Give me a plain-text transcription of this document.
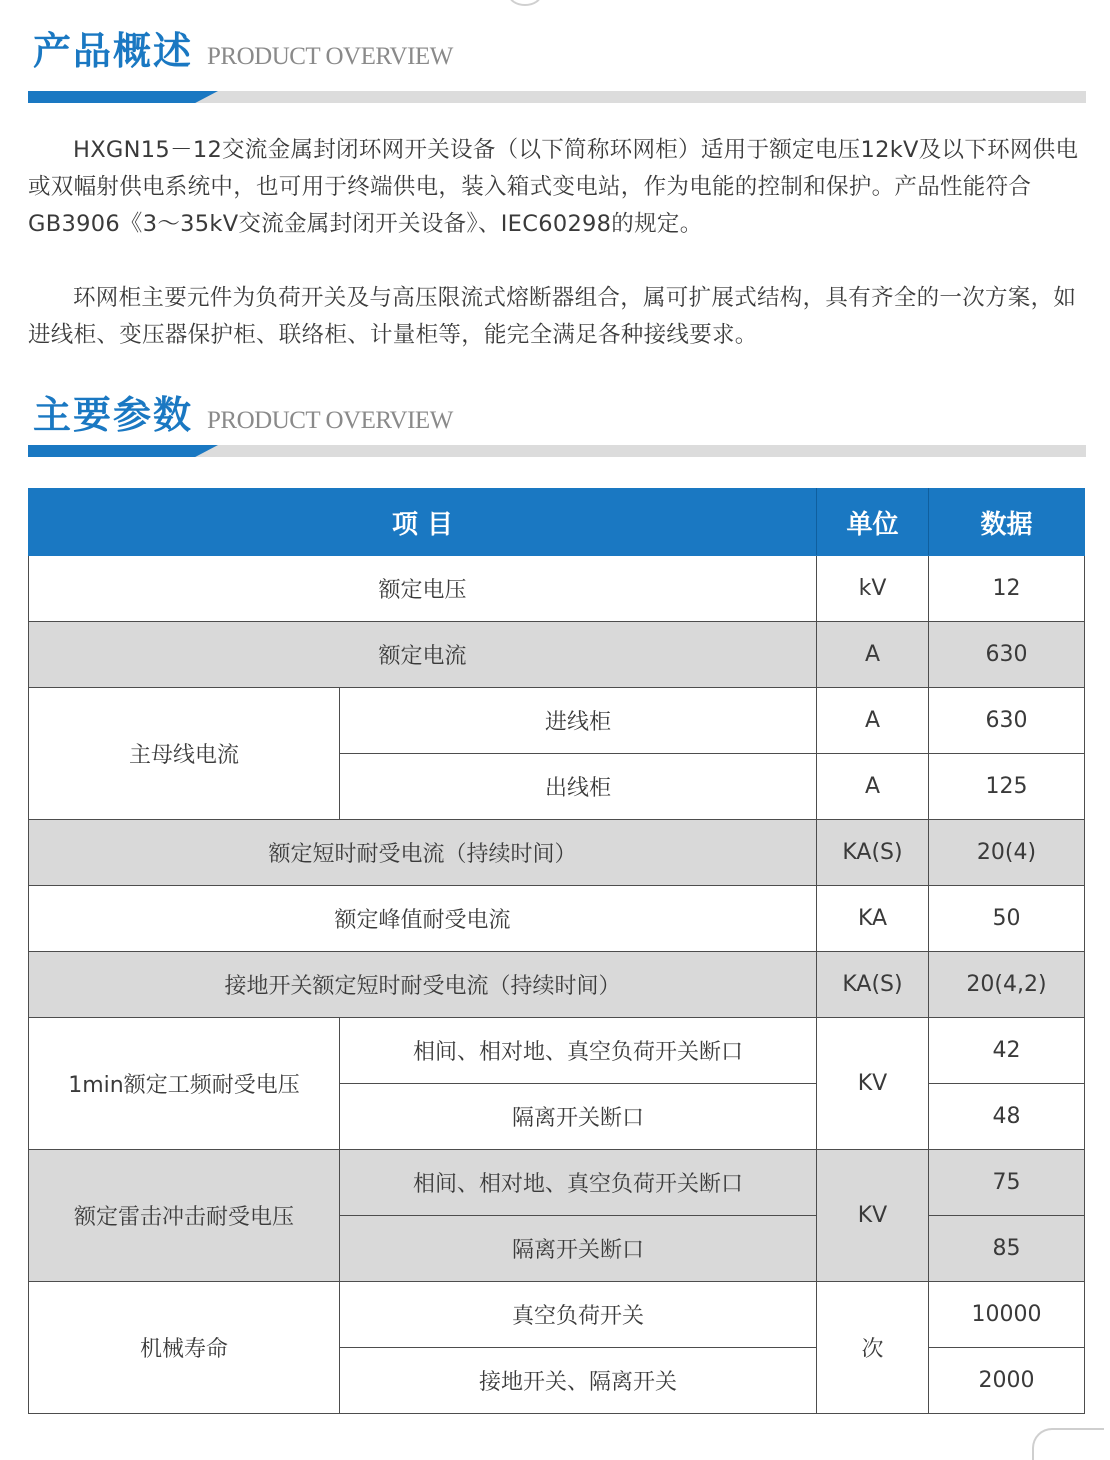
产品概述 PRODUCT OVERVIEW

HXGN15－12交流金属封闭环网开关设备（以下简称环网柜）适用于额定电压12kV及以下环网供电或双幅射供电系统中，也可用于终端供电，装入箱式变电站，作为电能的控制和保护。产品性能符合GB3906《3～35kV交流金属封闭开关设备》、IEC60298的规定。

环网柜主要元件为负荷开关及与高压限流式熔断器组合，属可扩展式结构，具有齐全的一次方案，如进线柜、变压器保护柜、联络柜、计量柜等，能完全满足各种接线要求。

主要参数 PRODUCT OVERVIEW
项 目		单位	数据
额定电压		kV	12
额定电流		A	630
主母线电流	进线柜	A	630
	出线柜	A	125
额定短时耐受电流（持续时间）		KA(S)	20(4)
额定峰值耐受电流		KA	50
接地开关额定短时耐受电流（持续时间）		KA(S)	20(4,2)
1min额定工频耐受电压	相间、相对地、真空负荷开关断口	KV	42
	隔离开关断口		48
额定雷击冲击耐受电压	相间、相对地、真空负荷开关断口	KV	75
	隔离开关断口		85
机械寿命	真空负荷开关	次	10000
	接地开关、隔离开关		2000
